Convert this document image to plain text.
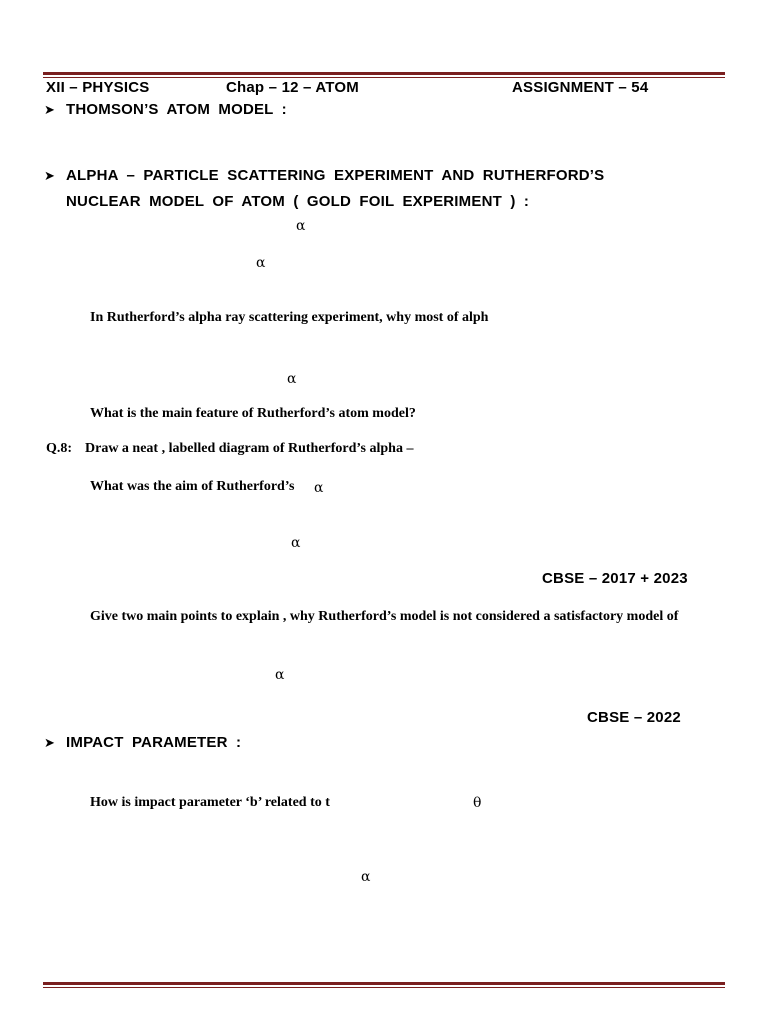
XII – PHYSICS	Chap – 12 – ATOM	ASSIGNMENT – 54
➤ THOMSON’S ATOM MODEL :
➤ ALPHA – PARTICLE SCATTERING EXPERIMENT AND RUTHERFORD’S
NUCLEAR MODEL OF ATOM ( GOLD FOIL EXPERIMENT ) :
α
α
In Rutherford’s alpha ray scattering experiment, why most of alph
α
What is the main feature of Rutherford’s atom model?
Q.8: Draw a neat , labelled diagram of Rutherford’s alpha –
What was the aim of Rutherford’s α
α
CBSE – 2017 + 2023
Give two main points to explain , why Rutherford’s model is not considered a satisfactory model of
α
CBSE – 2022
➤ IMPACT PARAMETER :
How is impact parameter ‘b’ related to t	θ
α
